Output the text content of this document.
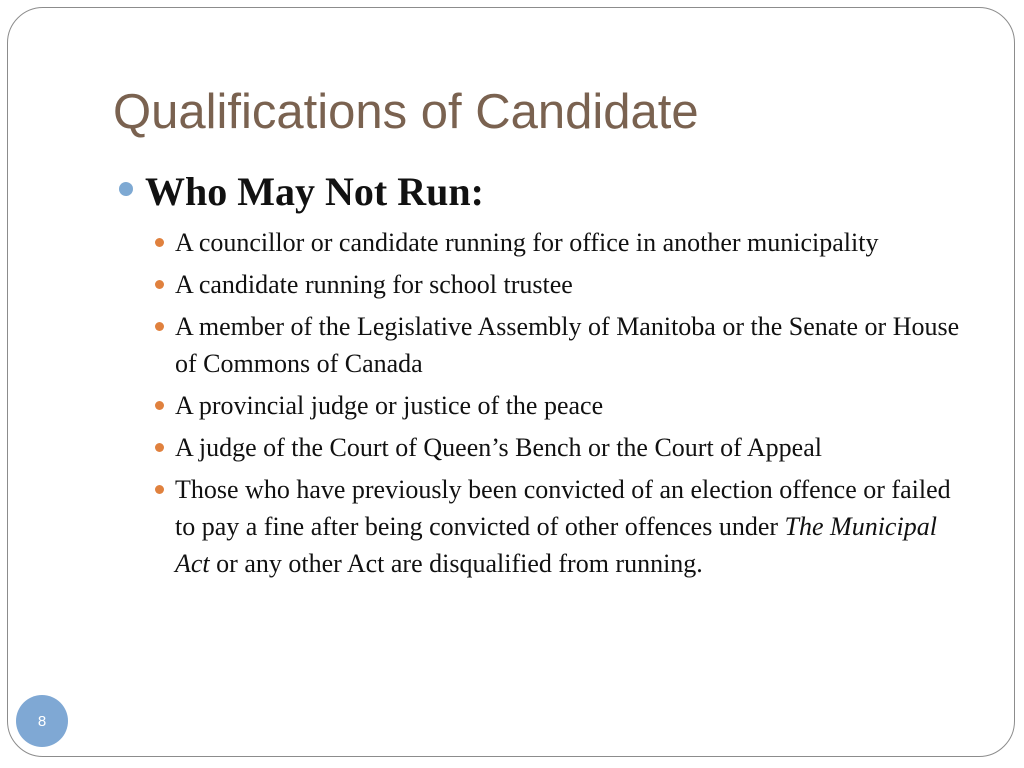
Qualifications of Candidate
Who May Not Run:
A councillor or candidate running for office in another municipality
A candidate running for school trustee
A member of the Legislative Assembly of Manitoba or the Senate or House of Commons of Canada
A provincial judge or justice of the peace
A judge of the Court of Queen’s Bench or the Court of Appeal
Those who have previously been convicted of an election offence or failed to pay a fine after being convicted of other offences under The Municipal Act or any other Act are disqualified from running.
8
